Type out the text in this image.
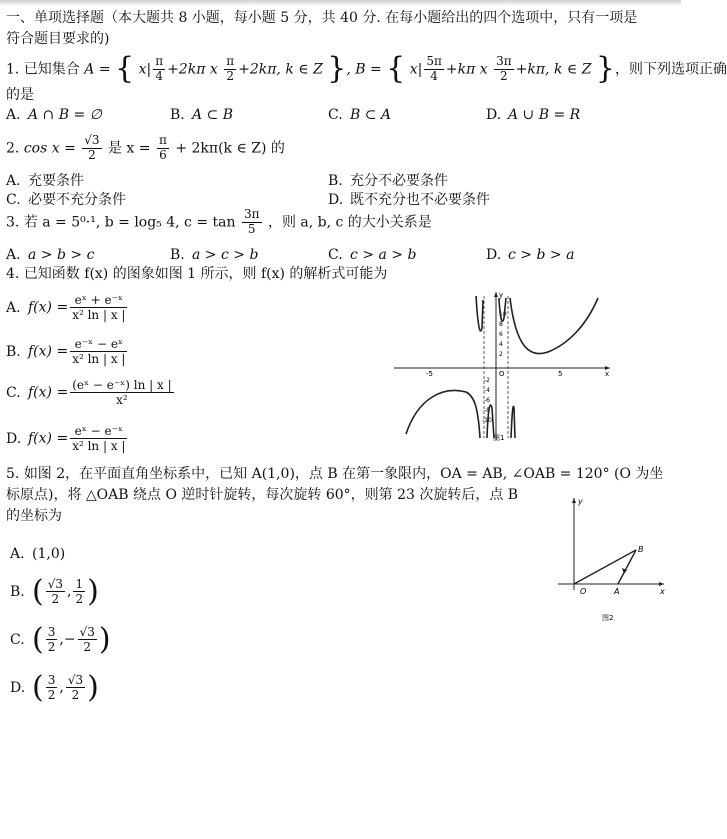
一、单项选择题（本大题共 8 小题，每小题 5 分，共 40 分. 在每小题给出的四个选项中，只有一项是
符合题目要求的)
1. 已知集合 A = { $x| \frac{\pi}{4} +2k\pi$ x $\frac{\pi}{2} +2k\pi$, k ∈ Z }, B = { $x| \frac{5\pi}{4} +k\pi$ x $\frac{3\pi}{2} +k\pi$, k ∈ Z }，则下列选项正确
的是
A. A ∩ B = ∅	B. A ⊂ B	C. B ⊂ A	D. A ∪ B = R
2. $\cos x = \frac{√3}{2}$ 是 $x = \frac{\pi}{6} + 2k\pi(k$ ∈ Z) 的
A. 充要条件	B. 充分不必要条件
C. 必要不充分条件	D. 既不充分也不必要条件
3. 若 a = 5⁰·¹, b = log₅ 4, $c = \tan \frac{3\pi}{5}$ ，则 a, b, c 的大小关系是
A. a > b > c	B. a > c > b	C. c > a > b	D. c > b > a
4. 已知函数 f(x) 的图象如图 1 所示，则 f(x) 的解析式可能为
A. $f(x) = \frac{\text{eˣ + e⁻ˣ}}{\text{x² ln | x |}}$
B. $f(x) = \frac{\text{e⁻ˣ − eˣ}}{\text{x² ln | x |}}$
C. $f(x) = \frac{\text{(eˣ − e⁻ˣ) ln | x |}}{\text{x²}}$
D. $f(x) = \frac{\text{eˣ − e⁻ˣ}}{\text{x² ln | x |}}$
y
x
O
-5	5
10
8
6
4
2
-2
-4
-6
-8
-10
图1
5. 如图 2，在平面直角坐标系中，已知 A(1,0)，点 B 在第一象限内，OA = AB, ∠OAB = 120° (O 为坐
标原点)，将 △OAB 绕点 O 逆时针旋转，每次旋转 60°，则第 23 次旋转后，点 B
的坐标为
A. (1,0)
B. ( $\frac{√3}{2}$ , $\frac{1}{2}$ )
C. ( $\frac{3}{2}$ ,− $\frac{√3}{2}$ )
D. ( $\frac{3}{2}$ , $\frac{√3}{2}$ )
y
x
O	A
B
图2
